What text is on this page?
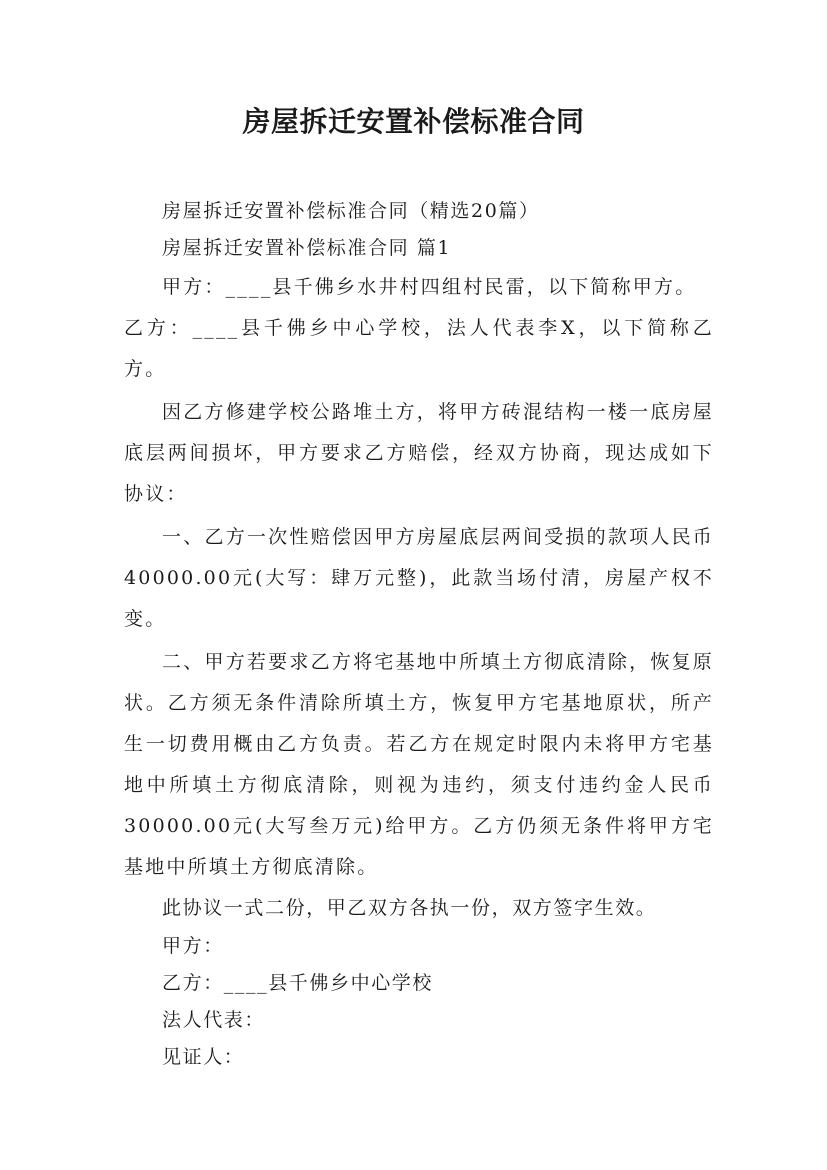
房屋拆迁安置补偿标准合同
房屋拆迁安置补偿标准合同（精选20篇）
房屋拆迁安置补偿标准合同 篇1

甲方：____县千佛乡水井村四组村民雷，以下简称甲方。

乙方：____县千佛乡中心学校，法人代表李X，以下简称乙方。

因乙方修建学校公路堆土方，将甲方砖混结构一楼一底房屋底层两间损坏，甲方要求乙方赔偿，经双方协商，现达成如下协议：

一、乙方一次性赔偿因甲方房屋底层两间受损的款项人民币40000.00元(大写：肆万元整)，此款当场付清，房屋产权不变。

二、甲方若要求乙方将宅基地中所填土方彻底清除，恢复原状。乙方须无条件清除所填土方，恢复甲方宅基地原状，所产生一切费用概由乙方负责。若乙方在规定时限内未将甲方宅基地中所填土方彻底清除，则视为违约，须支付违约金人民币30000.00元(大写叁万元)给甲方。乙方仍须无条件将甲方宅基地中所填土方彻底清除。

此协议一式二份，甲乙双方各执一份，双方签字生效。
甲方：
乙方：____县千佛乡中心学校
法人代表：
见证人：
